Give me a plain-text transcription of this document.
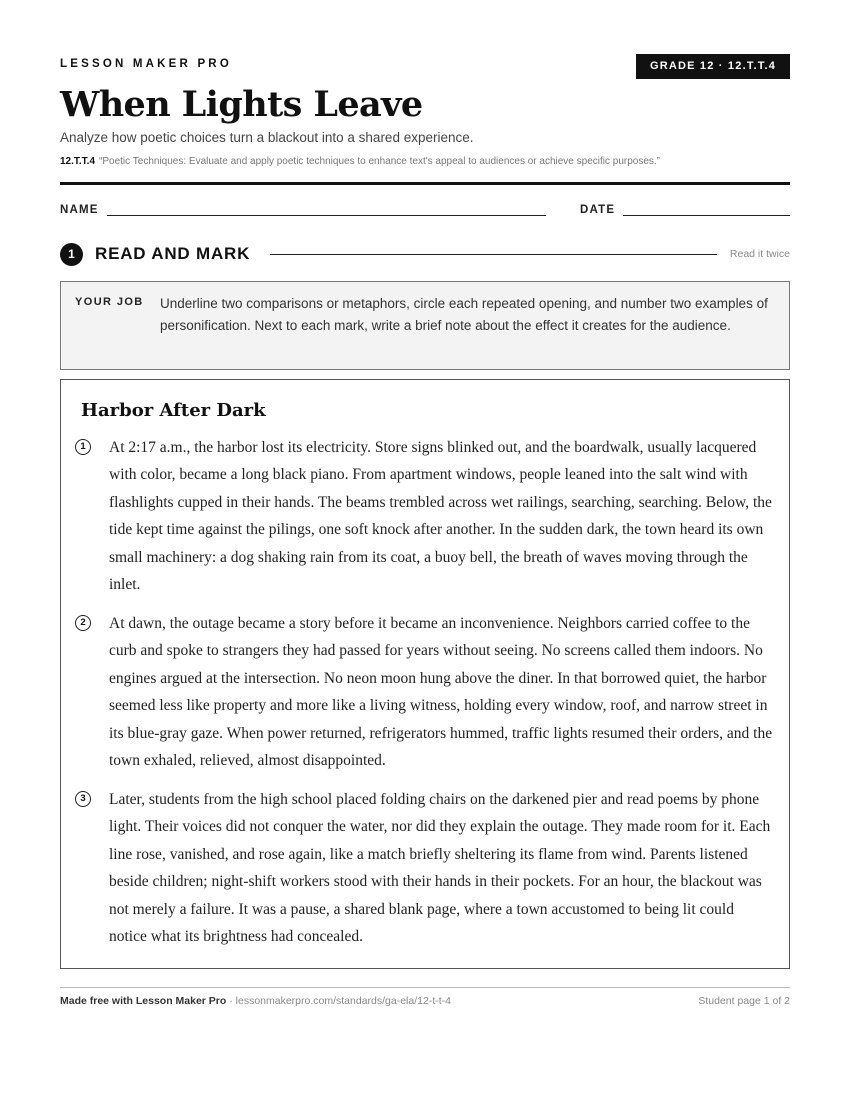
LESSON MAKER PRO	GRADE 12 · 12.T.T.4
When Lights Leave
Analyze how poetic choices turn a blackout into a shared experience.
12.T.T.4 “Poetic Techniques: Evaluate and apply poetic techniques to enhance text's appeal to audiences or achieve specific purposes.”
NAME	DATE
1	READ AND MARK	Read it twice
YOUR JOB Underline two comparisons or metaphors, circle each repeated opening, and number two examples of personification. Next to each mark, write a brief note about the effect it creates for the audience.
Harbor After Dark
1	At 2:17 a.m., the harbor lost its electricity. Store signs blinked out, and the boardwalk, usually lacquered with color, became a long black piano. From apartment windows, people leaned into the salt wind with flashlights cupped in their hands. The beams trembled across wet railings, searching, searching. Below, the tide kept time against the pilings, one soft knock after another. In the sudden dark, the town heard its own small machinery: a dog shaking rain from its coat, a buoy bell, the breath of waves moving through the inlet.
2	At dawn, the outage became a story before it became an inconvenience. Neighbors carried coffee to the curb and spoke to strangers they had passed for years without seeing. No screens called them indoors. No engines argued at the intersection. No neon moon hung above the diner. In that borrowed quiet, the harbor seemed less like property and more like a living witness, holding every window, roof, and narrow street in its blue-gray gaze. When power returned, refrigerators hummed, traffic lights resumed their orders, and the town exhaled, relieved, almost disappointed.
3	Later, students from the high school placed folding chairs on the darkened pier and read poems by phone light. Their voices did not conquer the water, nor did they explain the outage. They made room for it. Each line rose, vanished, and rose again, like a match briefly sheltering its flame from wind. Parents listened beside children; night-shift workers stood with their hands in their pockets. For an hour, the blackout was not merely a failure. It was a pause, a shared blank page, where a town accustomed to being lit could notice what its brightness had concealed.
Made free with Lesson Maker Pro · lessonmakerpro.com/standards/ga-ela/12-t-t-4	Student page 1 of 2
